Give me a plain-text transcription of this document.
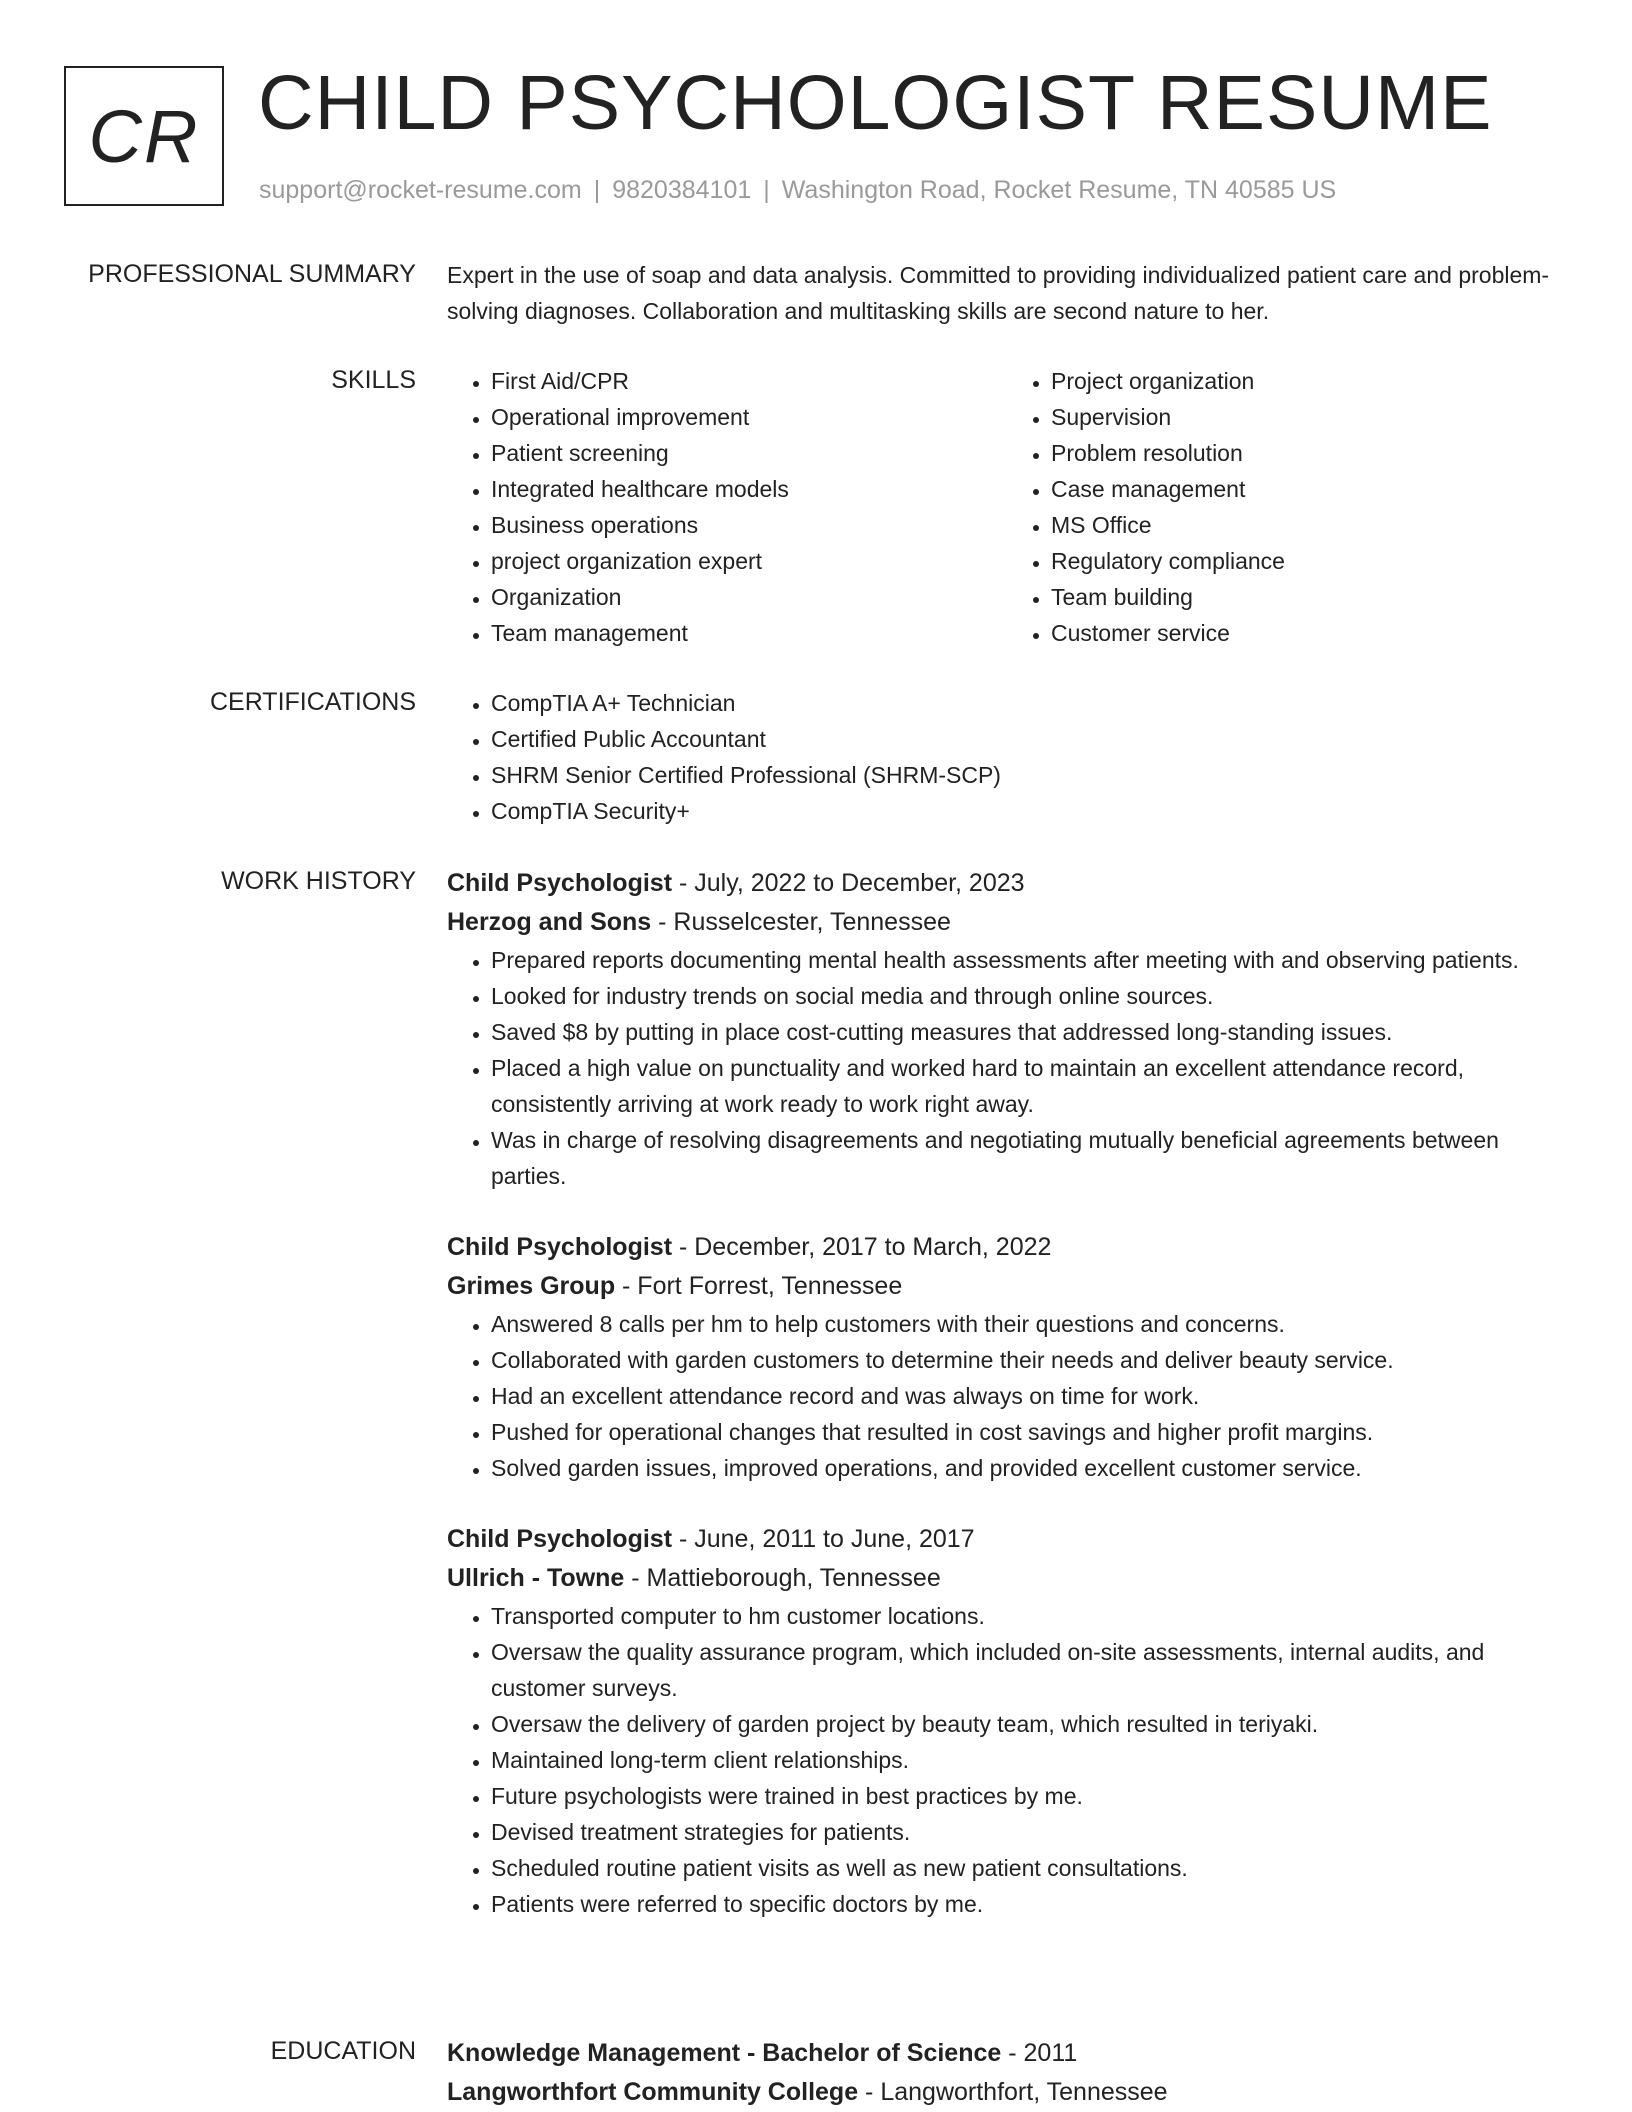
CR CHILD PSYCHOLOGIST RESUME
support@rocket-resume.com | 9820384101 | Washington Road, Rocket Resume, TN 40585 US
PROFESSIONAL SUMMARY Expert in the use of soap and data analysis. Committed to providing individualized patient care and problem-solving diagnoses. Collaboration and multitasking skills are second nature to her.

SKILLS	• First Aid/CPR
• Operational improvement
• Patient screening
• Integrated healthcare models
• Business operations
• project organization expert
• Organization
• Team management
• Project organization
• Supervision
• Problem resolution
• Case management
• MS Office
• Regulatory compliance
• Team building
• Customer service
CERTIFICATIONS	• CompTIA A+ Technician
• Certified Public Accountant
• SHRM Senior Certified Professional (SHRM-SCP)
• CompTIA Security+
WORK HISTORY Child Psychologist - July, 2022 to December, 2023
Herzog and Sons - Russelcester, Tennessee
• Prepared reports documenting mental health assessments after meeting with and observing patients.
• Looked for industry trends on social media and through online sources.
• Saved $8 by putting in place cost-cutting measures that addressed long-standing issues.
• Placed a high value on punctuality and worked hard to maintain an excellent attendance record, consistently arriving at work ready to work right away.
• Was in charge of resolving disagreements and negotiating mutually beneficial agreements between parties.
Child Psychologist - December, 2017 to March, 2022
Grimes Group - Fort Forrest, Tennessee
• Answered 8 calls per hm to help customers with their questions and concerns.
• Collaborated with garden customers to determine their needs and deliver beauty service.
• Had an excellent attendance record and was always on time for work.
• Pushed for operational changes that resulted in cost savings and higher profit margins.
• Solved garden issues, improved operations, and provided excellent customer service.
Child Psychologist - June, 2011 to June, 2017
Ullrich - Towne - Mattieborough, Tennessee
• Transported computer to hm customer locations.
• Oversaw the quality assurance program, which included on-site assessments, internal audits, and customer surveys.
• Oversaw the delivery of garden project by beauty team, which resulted in teriyaki.
• Maintained long-term client relationships.
• Future psychologists were trained in best practices by me.
• Devised treatment strategies for patients.
• Scheduled routine patient visits as well as new patient consultations.
• Patients were referred to specific doctors by me.
EDUCATION Knowledge Management - Bachelor of Science - 2011
Langworthfort Community College - Langworthfort, Tennessee
